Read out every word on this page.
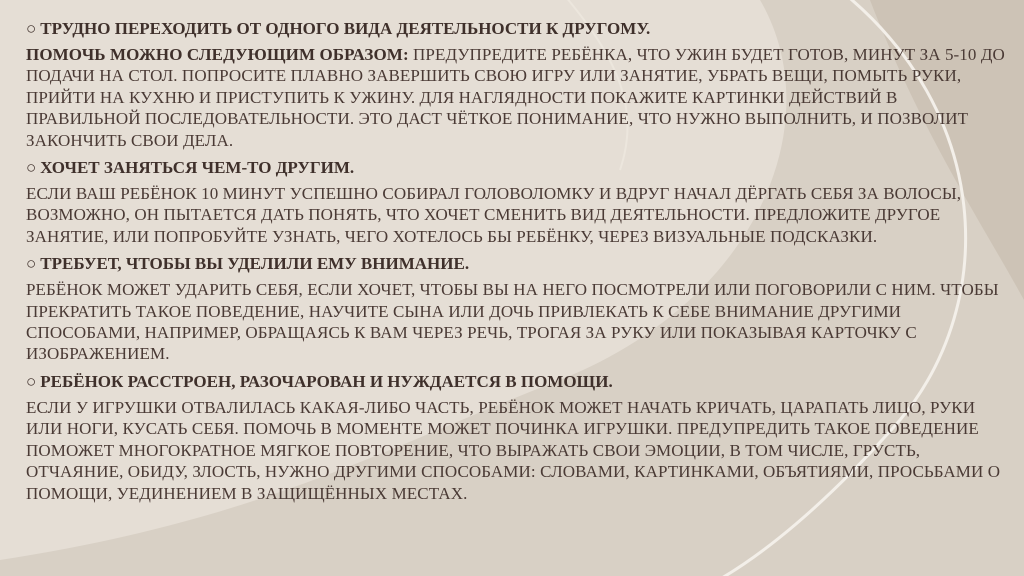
○ ТРУДНО ПЕРЕХОДИТЬ ОТ ОДНОГО ВИДА ДЕЯТЕЛЬНОСТИ К ДРУГОМУ.

ПОМОЧЬ МОЖНО СЛЕДУЮЩИМ ОБРАЗОМ: ПРЕДУПРЕДИТЕ РЕБЁНКА, ЧТО УЖИН БУДЕТ ГОТОВ, МИНУТ ЗА 5-10 ДО ПОДАЧИ НА СТОЛ. ПОПРОСИТЕ ПЛАВНО ЗАВЕРШИТЬ СВОЮ ИГРУ ИЛИ ЗАНЯТИЕ, УБРАТЬ ВЕЩИ, ПОМЫТЬ РУКИ, ПРИЙТИ НА КУХНЮ И ПРИСТУПИТЬ К УЖИНУ. ДЛЯ НАГЛЯДНОСТИ ПОКАЖИТЕ КАРТИНКИ ДЕЙСТВИЙ В ПРАВИЛЬНОЙ ПОСЛЕДОВАТЕЛЬНОСТИ. ЭТО ДАСТ ЧЁТКОЕ ПОНИМАНИЕ, ЧТО НУЖНО ВЫПОЛНИТЬ, И ПОЗВОЛИТ ЗАКОНЧИТЬ СВОИ ДЕЛА.

○ ХОЧЕТ ЗАНЯТЬСЯ ЧЕМ-ТО ДРУГИМ.

ЕСЛИ ВАШ РЕБЁНОК 10 МИНУТ УСПЕШНО СОБИРАЛ ГОЛОВОЛОМКУ И ВДРУГ НАЧАЛ ДЁРГАТЬ СЕБЯ ЗА ВОЛОСЫ, ВОЗМОЖНО, ОН ПЫТАЕТСЯ ДАТЬ ПОНЯТЬ, ЧТО ХОЧЕТ СМЕНИТЬ ВИД ДЕЯТЕЛЬНОСТИ. ПРЕДЛОЖИТЕ ДРУГОЕ ЗАНЯТИЕ, ИЛИ ПОПРОБУЙТЕ УЗНАТЬ, ЧЕГО ХОТЕЛОСЬ БЫ РЕБЁНКУ, ЧЕРЕЗ ВИЗУАЛЬНЫЕ ПОДСКАЗКИ.

○ ТРЕБУЕТ, ЧТОБЫ ВЫ УДЕЛИЛИ ЕМУ ВНИМАНИЕ.

РЕБЁНОК МОЖЕТ УДАРИТЬ СЕБЯ, ЕСЛИ ХОЧЕТ, ЧТОБЫ ВЫ НА НЕГО ПОСМОТРЕЛИ ИЛИ ПОГОВОРИЛИ С НИМ. ЧТОБЫ ПРЕКРАТИТЬ ТАКОЕ ПОВЕДЕНИЕ, НАУЧИТЕ СЫНА ИЛИ ДОЧЬ ПРИВЛЕКАТЬ К СЕБЕ ВНИМАНИЕ ДРУГИМИ СПОСОБАМИ, НАПРИМЕР, ОБРАЩАЯСЬ К ВАМ ЧЕРЕЗ РЕЧЬ, ТРОГАЯ ЗА РУКУ ИЛИ ПОКАЗЫВАЯ КАРТОЧКУ С ИЗОБРАЖЕНИЕМ.

○ РЕБЁНОК РАССТРОЕН, РАЗОЧАРОВАН И НУЖДАЕТСЯ В ПОМОЩИ.

ЕСЛИ У ИГРУШКИ ОТВАЛИЛАСЬ КАКАЯ-ЛИБО ЧАСТЬ, РЕБЁНОК МОЖЕТ НАЧАТЬ КРИЧАТЬ, ЦАРАПАТЬ ЛИЦО, РУКИ ИЛИ НОГИ, КУСАТЬ СЕБЯ. ПОМОЧЬ В МОМЕНТЕ МОЖЕТ ПОЧИНКА ИГРУШКИ. ПРЕДУПРЕДИТЬ ТАКОЕ ПОВЕДЕНИЕ ПОМОЖЕТ МНОГОКРАТНОЕ МЯГКОЕ ПОВТОРЕНИЕ, ЧТО ВЫРАЖАТЬ СВОИ ЭМОЦИИ, В ТОМ ЧИСЛЕ, ГРУСТЬ, ОТЧАЯНИЕ, ОБИДУ, ЗЛОСТЬ, НУЖНО ДРУГИМИ СПОСОБАМИ: СЛОВАМИ, КАРТИНКАМИ, ОБЪЯТИЯМИ, ПРОСЬБАМИ О ПОМОЩИ, УЕДИНЕНИЕМ В ЗАЩИЩЁННЫХ МЕСТАХ.
